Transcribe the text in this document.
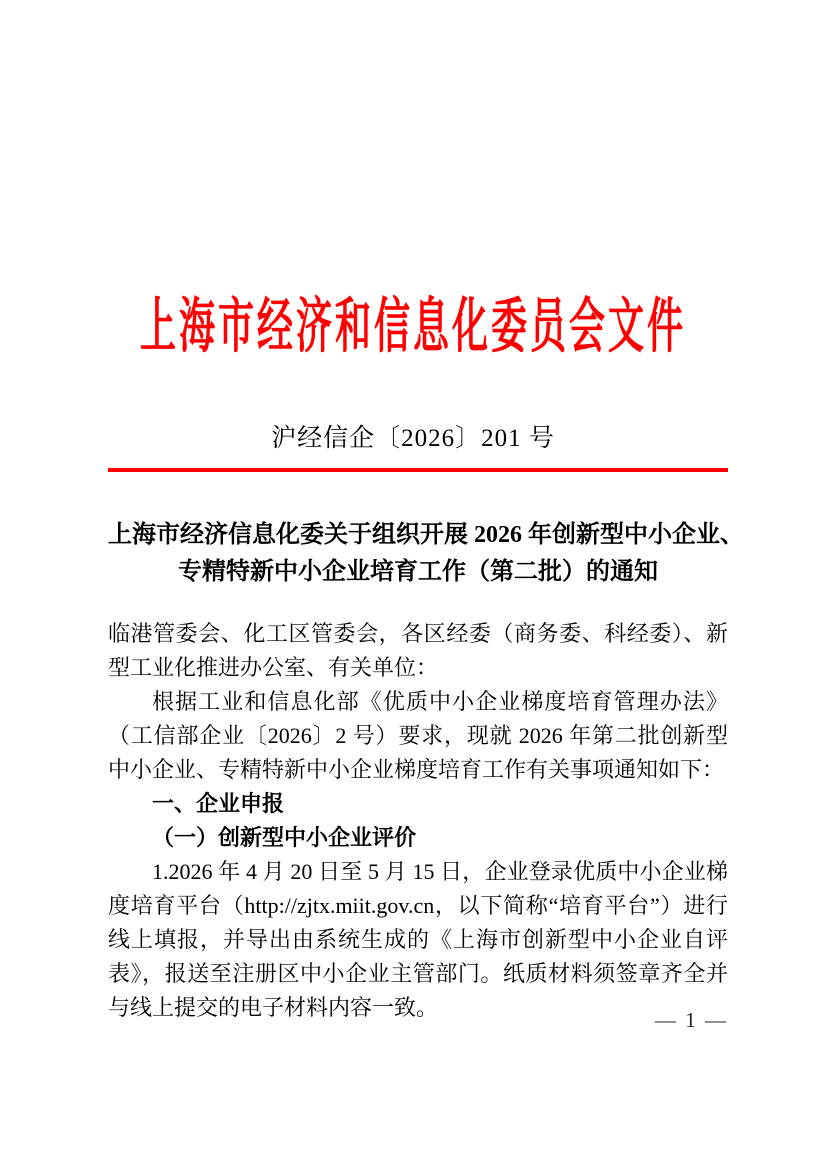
上海市经济和信息化委员会文件
沪经信企〔2026〕201 号
上海市经济信息化委关于组织开展 2026 年创新型中小企业、
专精特新中小企业培育工作（第二批）的通知

临港管委会、化工区管委会，各区经委（商务委、科经委）、新型工业化推进办公室、有关单位：

根据工业和信息化部《优质中小企业梯度培育管理办法》（工信部企业〔2026〕2 号）要求，现就 2026 年第二批创新型中小企业、专精特新中小企业梯度培育工作有关事项通知如下：

一、企业申报

（一）创新型中小企业评价

1.2026 年 4 月 20 日至 5 月 15 日，企业登录优质中小企业梯度培育平台（http://zjtx.miit.gov.cn，以下简称“培育平台”）进行线上填报，并导出由系统生成的《上海市创新型中小企业自评表》，报送至注册区中小企业主管部门。纸质材料须签章齐全并与线上提交的电子材料内容一致。	— 1 —
